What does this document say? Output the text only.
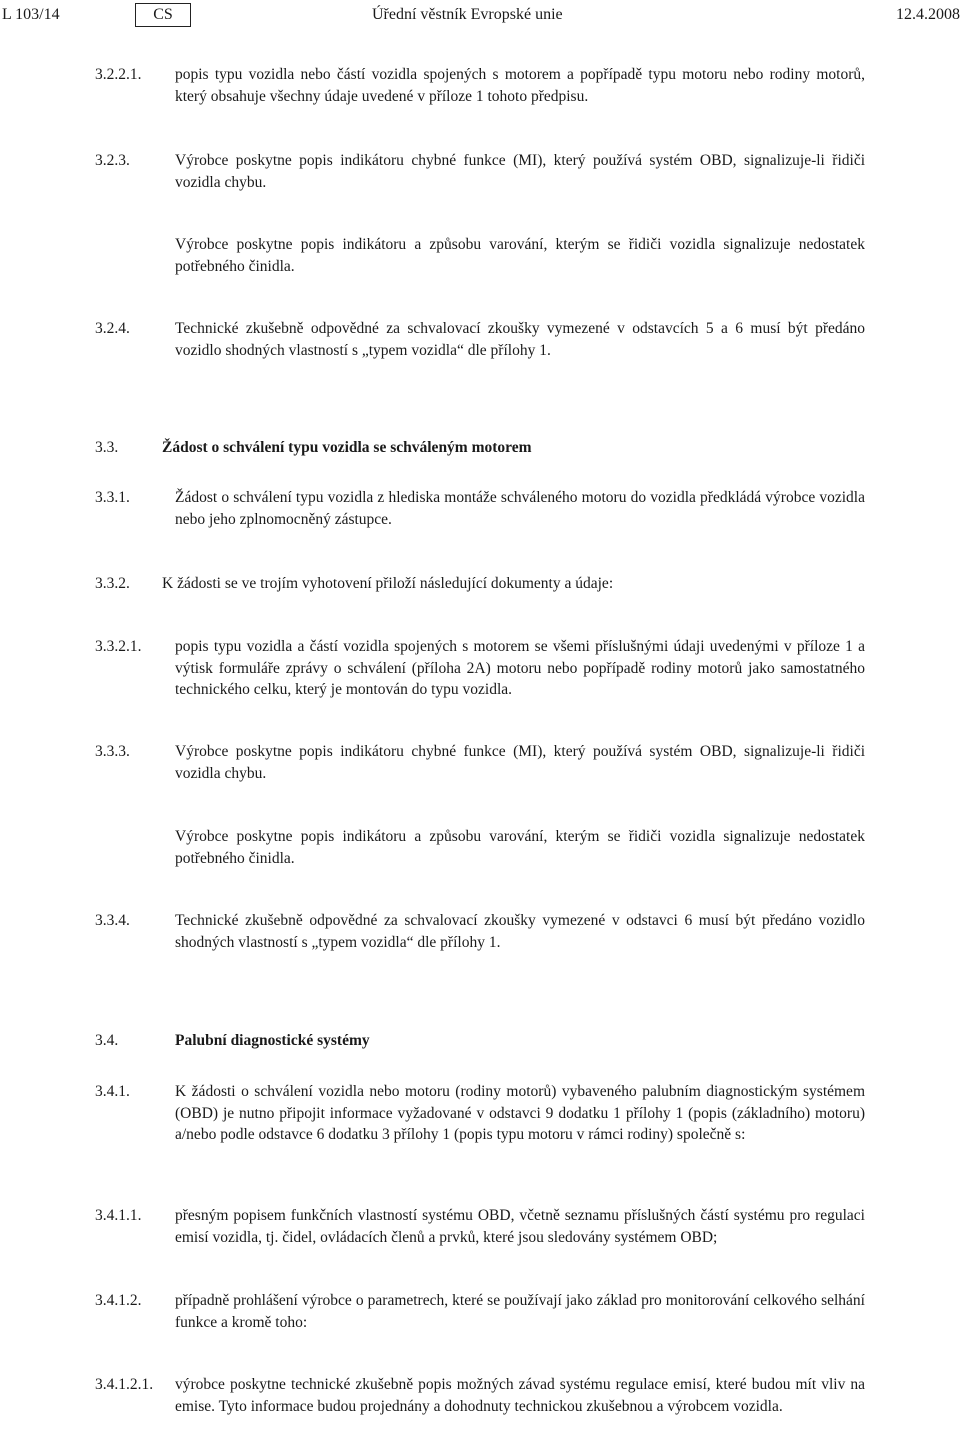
L 103/14	CS	Úřední věstník Evropské unie	12.4.2008
3.2.2.1. popis typu vozidla nebo částí vozidla spojených s motorem a popřípadě typu motoru nebo rodiny motorů, který obsahuje všechny údaje uvedené v příloze 1 tohoto předpisu.
3.2.3.	Výrobce poskytne popis indikátoru chybné funkce (MI), který používá systém OBD, signalizuje-li řidiči vozidla chybu.
Výrobce poskytne popis indikátoru a způsobu varování, kterým se řidiči vozidla signalizuje nedostatek potřebného činidla.
3.2.4.	Technické zkušebně odpovědné za schvalovací zkoušky vymezené v odstavcích 5 a 6 musí být předáno vozidlo shodných vlastností s „typem vozidla“ dle přílohy 1.
3.3.	Žádost o schválení typu vozidla se schváleným motorem
3.3.1.	Žádost o schválení typu vozidla z hlediska montáže schváleného motoru do vozidla předkládá výrobce vozidla nebo jeho zplnomocněný zástupce.
3.3.2. K žádosti se ve trojím vyhotovení přiloží následující dokumenty a údaje:
3.3.2.1. popis typu vozidla a částí vozidla spojených s motorem se všemi příslušnými údaji uvedenými v příloze 1 a výtisk formuláře zprávy o schválení (příloha 2A) motoru nebo popřípadě rodiny motorů jako samostatného technického celku, který je montován do typu vozidla.
3.3.3.	Výrobce poskytne popis indikátoru chybné funkce (MI), který používá systém OBD, signalizuje-li řidiči vozidla chybu.
Výrobce poskytne popis indikátoru a způsobu varování, kterým se řidiči vozidla signalizuje nedostatek potřebného činidla.
3.3.4.	Technické zkušebně odpovědné za schvalovací zkoušky vymezené v odstavci 6 musí být předáno vozidlo shodných vlastností s „typem vozidla“ dle přílohy 1.
3.4.	Palubní diagnostické systémy
3.4.1.	K žádosti o schválení vozidla nebo motoru (rodiny motorů) vybaveného palubním diagnostickým systémem (OBD) je nutno připojit informace vyžadované v odstavci 9 dodatku 1 přílohy 1 (popis (základního) motoru) a/nebo podle odstavce 6 dodatku 3 přílohy 1 (popis typu motoru v rámci rodiny) společně s:
3.4.1.1. přesným popisem funkčních vlastností systému OBD, včetně seznamu příslušných částí systému pro regulaci emisí vozidla, tj. čidel, ovládacích členů a prvků, které jsou sledovány systémem OBD;
3.4.1.2. případně prohlášení výrobce o parametrech, které se používají jako základ pro monitorování celkového selhání funkce a kromě toho:
3.4.1.2.1. výrobce poskytne technické zkušebně popis možných závad systému regulace emisí, které budou mít vliv na emise. Tyto informace budou projednány a dohodnuty technickou zkušebnou a výrobcem vozidla.
